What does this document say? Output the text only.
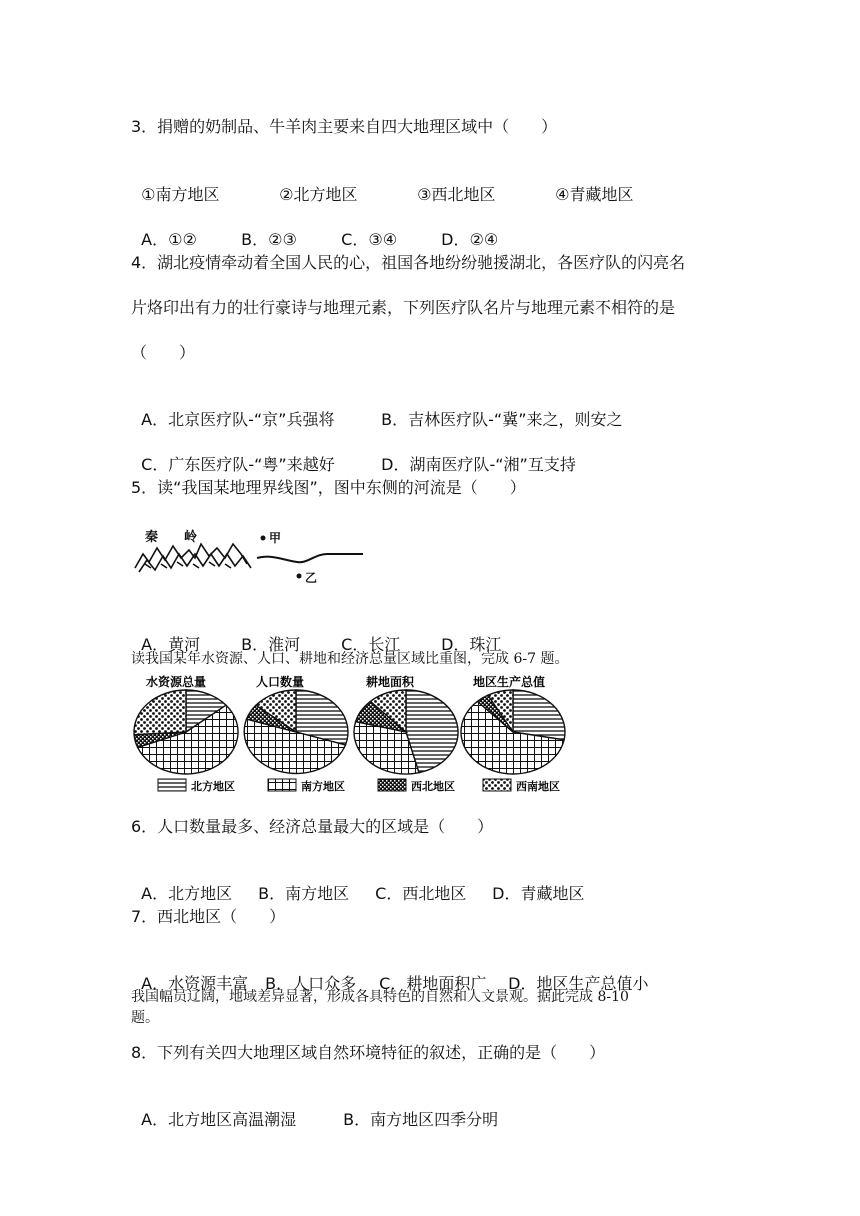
3．捐赠的奶制品、牛羊肉主要来自四大地理区域中（　　）

①南方地区	②北方地区	③西北地区	④青藏地区

A．①②	B．②③	C．③④	D．②④

4．湖北疫情牵动着全国人民的心，祖国各地纷纷驰援湖北，各医疗队的闪亮名
片烙印出有力的壮行豪诗与地理元素，下列医疗队名片与地理元素不相符的是
（　　）

A．北京医疗队-“京”兵强将	B．吉林医疗队-“冀”来之，则安之

C．广东医疗队-“粤”来越好	D．湖南医疗队-“湘”互支持

5．读“我国某地理界线图”，图中东侧的河流是（　　）
秦　　岭	甲
乙

A．黄河	B．淮河	C．长江	D．珠江

读我国某年水资源、人口、耕地和经济总量区域比重图，完成 6-7 题。
水资源总量	人口数量	耕地面积	地区生产总值
北方地区	南方地区	西北地区	西南地区
6．人口数量最多、经济总量最大的区域是（　　）

A．北方地区 B．南方地区 C．西北地区 D．青藏地区

7．西北地区（　　）

A．水资源丰富 B．人口众多 C．耕地面积广 D．地区生产总值小

我国幅员辽阔，地域差异显著，形成各具特色的自然和人文景观。据此完成 8-10
题。
8．下列有关四大地理区域自然环境特征的叙述，正确的是（　　）

A．北方地区高温潮湿	B．南方地区四季分明
